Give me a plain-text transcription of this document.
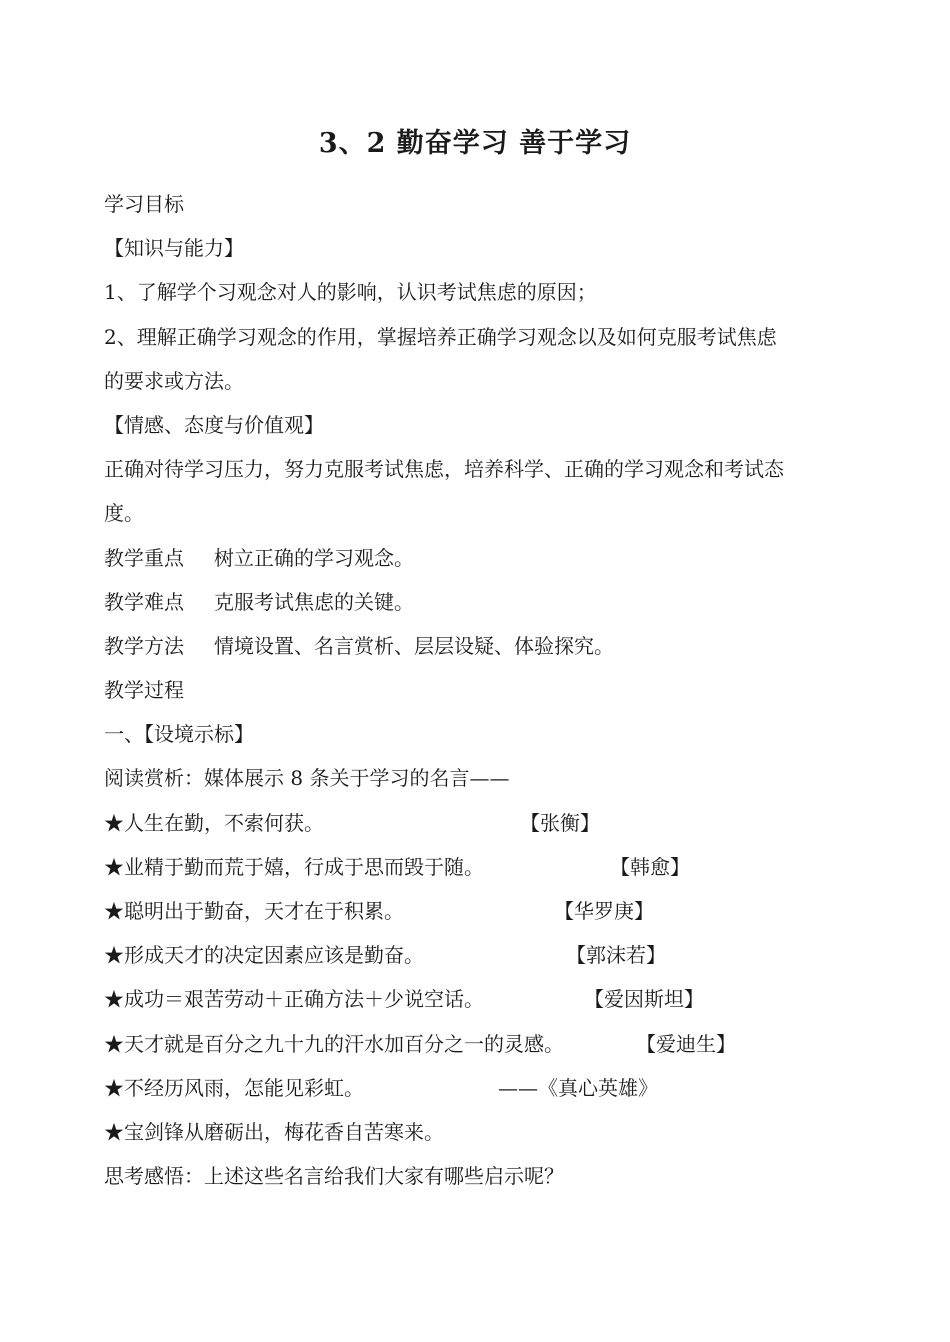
3、2 勤奋学习 善于学习
学习目标
【知识与能力】
1、了解学个习观念对人的影响，认识考试焦虑的原因；
2、理解正确学习观念的作用，掌握培养正确学习观念以及如何克服考试焦虑
的要求或方法。
【情感、态度与价值观】
正确对待学习压力，努力克服考试焦虑，培养科学、正确的学习观念和考试态
度。
教学重点 树立正确的学习观念。
教学难点 克服考试焦虑的关键。
教学方法 情境设置、名言赏析、层层设疑、体验探究。
教学过程
一、【设境示标】
阅读赏析：媒体展示 8 条关于学习的名言——
★人生在勤，不索何获。	【张衡】
★业精于勤而荒于嬉，行成于思而毁于随。	【韩愈】
★聪明出于勤奋，天才在于积累。	【华罗庚】
★形成天才的决定因素应该是勤奋。	【郭沫若】
★成功＝艰苦劳动＋正确方法＋少说空话。	【爱因斯坦】
★天才就是百分之九十九的汗水加百分之一的灵感。	【爱迪生】
★不经历风雨，怎能见彩虹。	——《真心英雄》
★宝剑锋从磨砺出，梅花香自苦寒来。
思考感悟：上述这些名言给我们大家有哪些启示呢？
